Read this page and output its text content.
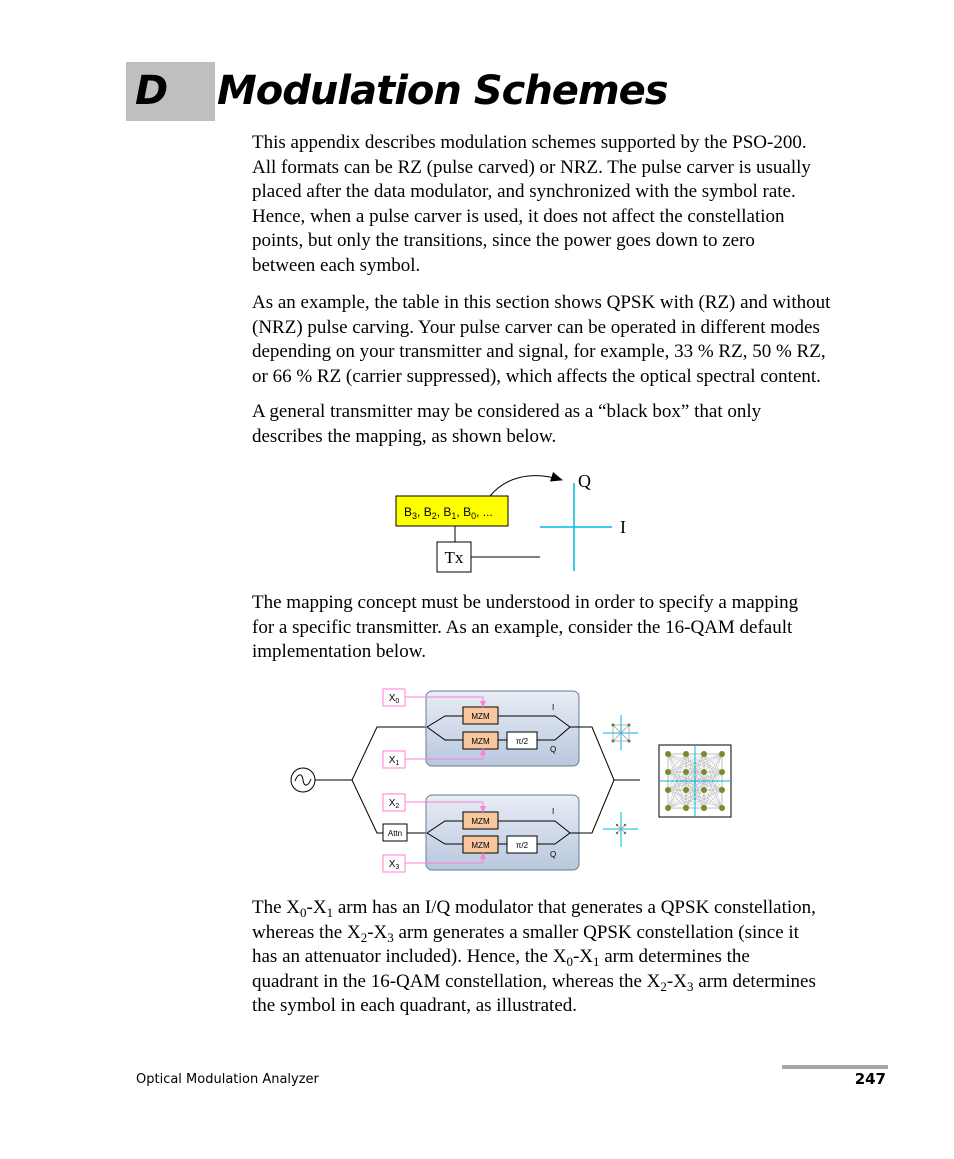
D Modulation Schemes
This appendix describes modulation schemes supported by the PSO-200.
All formats can be RZ (pulse carved) or NRZ. The pulse carver is usually
placed after the data modulator, and synchronized with the symbol rate.
Hence, when a pulse carver is used, it does not affect the constellation
points, but only the transitions, since the power goes down to zero
between each symbol.
As an example, the table in this section shows QPSK with (RZ) and without
(NRZ) pulse carving. Your pulse carver can be operated in different modes
depending on your transmitter and signal, for example, 33 % RZ, 50 % RZ,
or 66 % RZ (carrier suppressed), which affects the optical spectral content.
A general transmitter may be considered as a “black box” that only
describes the mapping, as shown below.
The mapping concept must be understood in order to specify a mapping
for a specific transmitter. As an example, consider the 16-QAM default
implementation below.
The $X_0-X_1$ arm has an I/Q modulator that generates a QPSK constellation,
whereas the $X_2-X_3$ arm generates a smaller QPSK constellation (since it
has an attenuator included). Hence, the $X_0-X_1$ arm determines the
quadrant in the 16-QAM constellation, whereas the $X_2-X_3$ arm determines
the symbol in each quadrant, as illustrated.
$B_3$, $B_2$, $B_1$, $B_0$, ...
Tx
Q
I
MZM
MZM	π/2
I
Q
MZM
MZM	π/2
I
Q
$X_0$
$X_1$
$X_2$
$X_3$
Attn
Optical Modulation Analyzer	247
